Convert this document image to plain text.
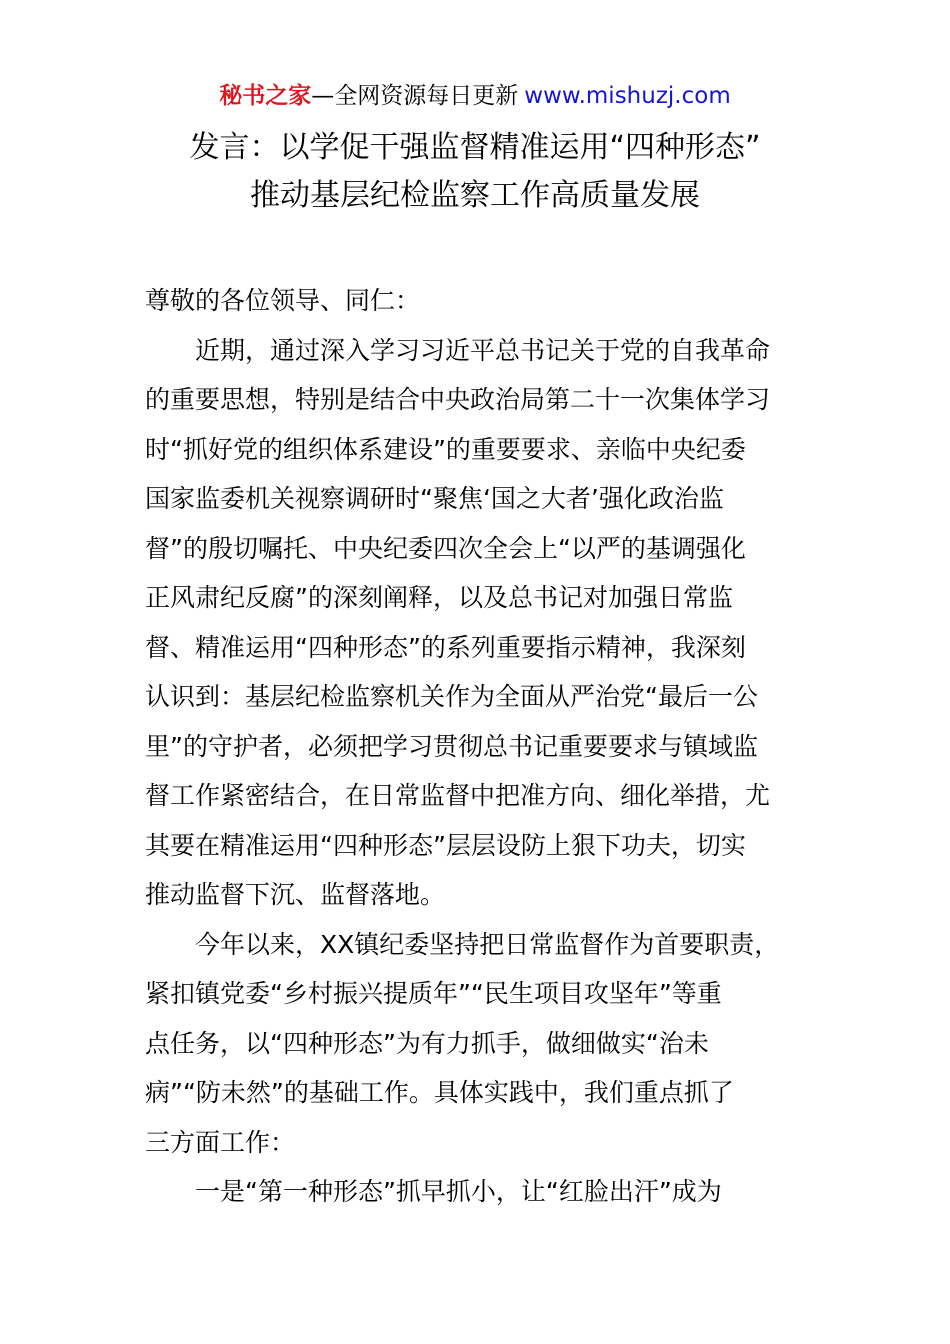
秘书之家—全网资源每日更新 www.mishuzj.com
发言：以学促干强监督精准运用“四种形态”
推动基层纪检监察工作高质量发展
尊敬的各位领导、同仁：
近期，通过深入学习习近平总书记关于党的自我革命
的重要思想，特别是结合中央政治局第二十一次集体学习
时“抓好党的组织体系建设”的重要要求、亲临中央纪委
国家监委机关视察调研时“聚焦‘国之大者’强化政治监
督”的殷切嘱托、中央纪委四次全会上“以严的基调强化
正风肃纪反腐”的深刻阐释，以及总书记对加强日常监
督、精准运用“四种形态”的系列重要指示精神，我深刻
认识到：基层纪检监察机关作为全面从严治党“最后一公
里”的守护者，必须把学习贯彻总书记重要要求与镇域监
督工作紧密结合，在日常监督中把准方向、细化举措，尤
其要在精准运用“四种形态”层层设防上狠下功夫，切实
推动监督下沉、监督落地。
今年以来，XX镇纪委坚持把日常监督作为首要职责，
紧扣镇党委“乡村振兴提质年”“民生项目攻坚年”等重
点任务，以“四种形态”为有力抓手，做细做实“治未
病”“防未然”的基础工作。具体实践中，我们重点抓了
三方面工作：
一是“第一种形态”抓早抓小，让“红脸出汗”成为
